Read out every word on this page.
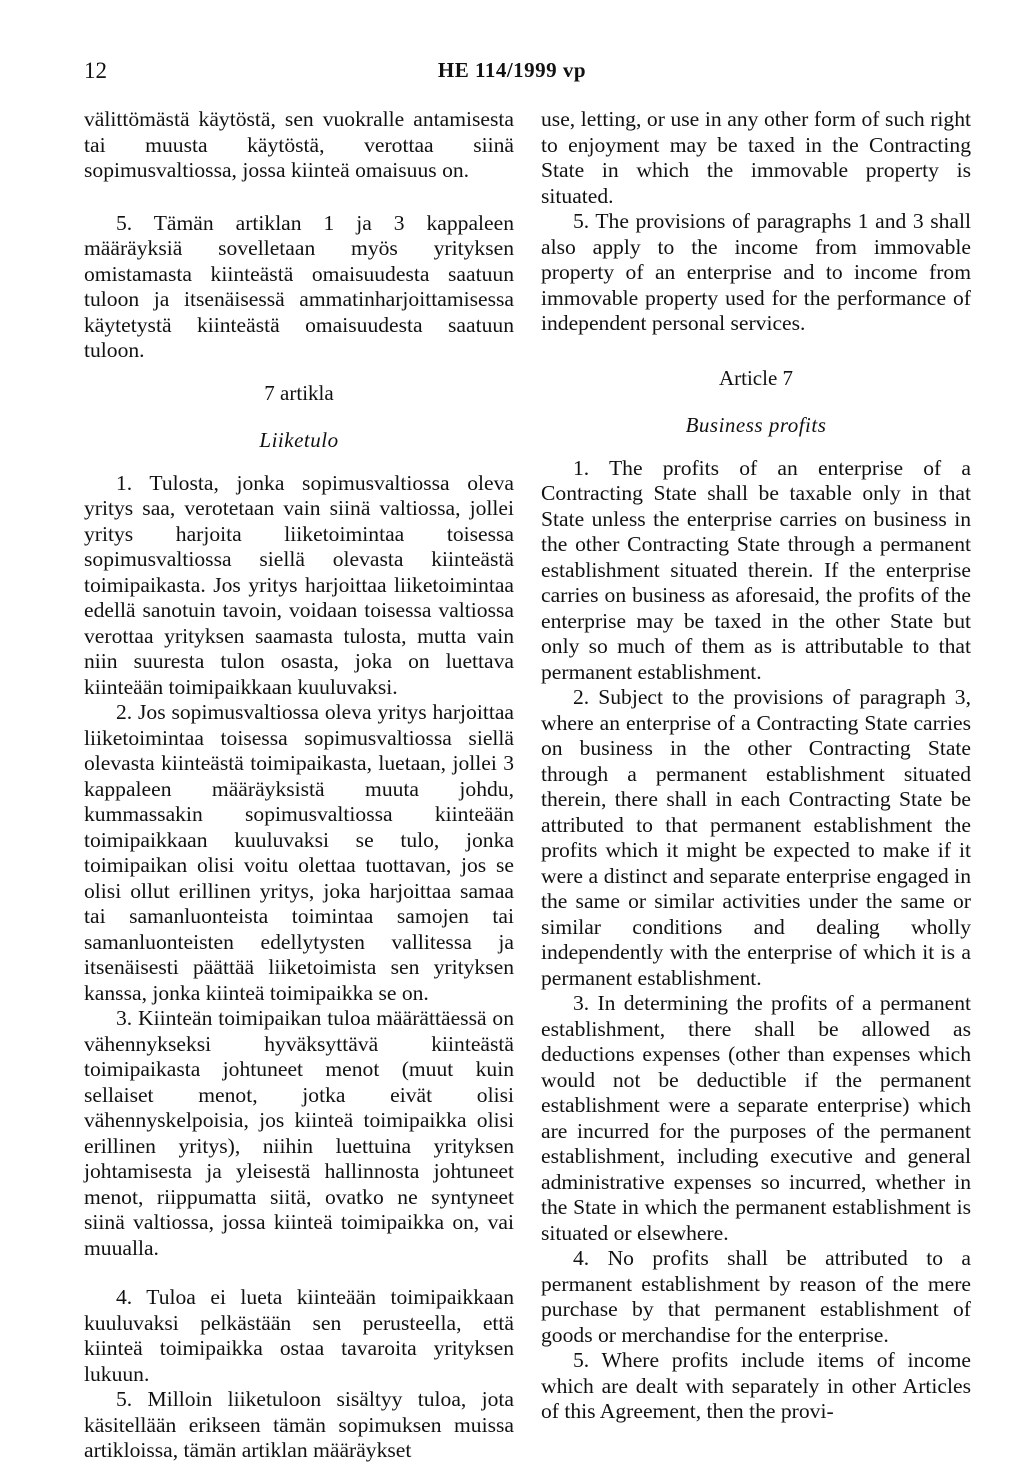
12	HE 114/1999 vp

välittömästä käytöstä, sen vuokralle antamisesta tai muusta käytöstä, verottaa siinä sopimusvaltiossa, jossa kiinteä omaisuus on.

5. Tämän artiklan 1 ja 3 kappaleen määräyksiä sovelletaan myös yrityksen omistamasta kiinteästä omaisuudesta saatuun tuloon ja itsenäisessä ammatinharjoittamisessa käytetystä kiinteästä omaisuudesta saatuun tuloon.

7 artikla

Liiketulo

1. Tulosta, jonka sopimusvaltiossa oleva yritys saa, verotetaan vain siinä valtiossa, jollei yritys harjoita liiketoimintaa toisessa sopimusvaltiossa siellä olevasta kiinteästä toimipaikasta. Jos yritys harjoittaa liiketoimintaa edellä sanotuin tavoin, voidaan toisessa valtiossa verottaa yrityksen saamasta tulosta, mutta vain niin suuresta tulon osasta, joka on luettava kiinteään toimipaikkaan kuuluvaksi.

2. Jos sopimusvaltiossa oleva yritys harjoittaa liiketoimintaa toisessa sopimusvaltiossa siellä olevasta kiinteästä toimipaikasta, luetaan, jollei 3 kappaleen määräyksistä muuta johdu, kummassakin sopimusvaltiossa kiinteään toimipaikkaan kuuluvaksi se tulo, jonka toimipaikan olisi voitu olettaa tuottavan, jos se olisi ollut erillinen yritys, joka harjoittaa samaa tai samanluonteista toimintaa samojen tai samanluonteisten edellytysten vallitessa ja itsenäisesti päättää liiketoimista sen yrityksen kanssa, jonka kiinteä toimipaikka se on.

3. Kiinteän toimipaikan tuloa määrättäessä on vähennykseksi hyväksyttävä kiinteästä toimipaikasta johtuneet menot (muut kuin sellaiset menot, jotka eivät olisi vähennyskelpoisia, jos kiinteä toimipaikka olisi erillinen yritys), niihin luettuina yrityksen johtamisesta ja yleisestä hallinnosta johtuneet menot, riippumatta siitä, ovatko ne syntyneet siinä valtiossa, jossa kiinteä toimipaikka on, vai muualla.

4. Tuloa ei lueta kiinteään toimipaikkaan kuuluvaksi pelkästään sen perusteella, että kiinteä toimipaikka ostaa tavaroita yrityksen lukuun.

5. Milloin liiketuloon sisältyy tuloa, jota käsitellään erikseen tämän sopimuksen muissa artikloissa, tämän artiklan määräykset

use, letting, or use in any other form of such right to enjoyment may be taxed in the Contracting State in which the immovable property is situated.

5. The provisions of paragraphs 1 and 3 shall also apply to the income from immovable property of an enterprise and to income from immovable property used for the performance of independent personal services.

Article 7

Business profits

1. The profits of an enterprise of a Contracting State shall be taxable only in that State unless the enterprise carries on business in the other Contracting State through a permanent establishment situated therein. If the enterprise carries on business as aforesaid, the profits of the enterprise may be taxed in the other State but only so much of them as is attributable to that permanent establishment.

2. Subject to the provisions of paragraph 3, where an enterprise of a Contracting State carries on business in the other Contracting State through a permanent establishment situated therein, there shall in each Contracting State be attributed to that permanent establishment the profits which it might be expected to make if it were a distinct and separate enterprise engaged in the same or similar activities under the same or similar conditions and dealing wholly independently with the enterprise of which it is a permanent establishment.

3. In determining the profits of a permanent establishment, there shall be allowed as deductions expenses (other than expenses which would not be deductible if the permanent establishment were a separate enterprise) which are incurred for the purposes of the permanent establishment, including executive and general administrative expenses so incurred, whether in the State in which the permanent establishment is situated or elsewhere.

4. No profits shall be attributed to a permanent establishment by reason of the mere purchase by that permanent establishment of goods or merchandise for the enterprise.

5. Where profits include items of income which are dealt with separately in other Articles of this Agreement, then the provi-
